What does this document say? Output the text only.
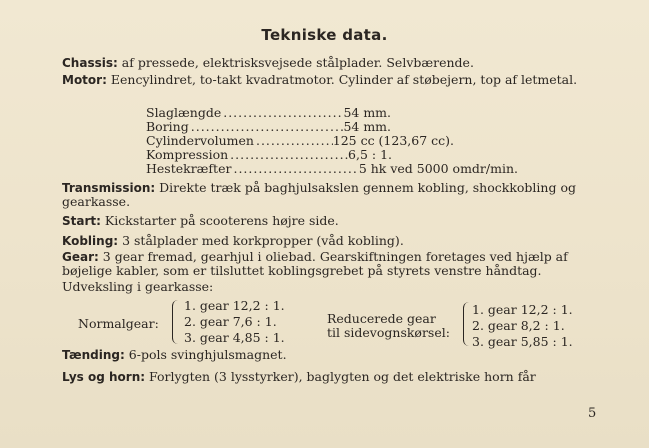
Tekniske data.
Chassis: af pressede, elektrisksvejsede stålplader. Selvbærende.
Motor: Eencylindret, to-takt kvadratmotor. Cylinder af støbejern, top af letmetal.
Slaglængde .....	54 mm.
Boring .....	54 mm.
Cylindervolumen .....	125 cc (123,67 cc).
Kompression .....	6,5 : 1.
Hestekræfter .....	5 hk ved 5000 omdr/min.
Transmission: Direkte træk på baghjulsakslen gennem kobling, shockkobling og gearkasse.
Start: Kickstarter på scooterens højre side.
Kobling: 3 stålplader med korkpropper (våd kobling).
Gear: 3 gear fremad, gearhjul i oliebad. Gearskiftningen foretages ved hjælp af bøjelige kabler, som er tilsluttet koblingsgrebet på styrets venstre håndtag.
Udveksling i gearkasse:
Normalgear:
1. gear 12,2 : 1.
2. gear 7,6 : 1.
3. gear 4,85 : 1.
Reducerede gear
til sidevognskørsel:
1. gear 12,2 : 1.
2. gear 8,2 : 1.
3. gear 5,85 : 1.
Tænding: 6-pols svinghjulsmagnet.
Lys og horn: Forlygten (3 lysstyrker), baglygten og det elektriske horn får
5
